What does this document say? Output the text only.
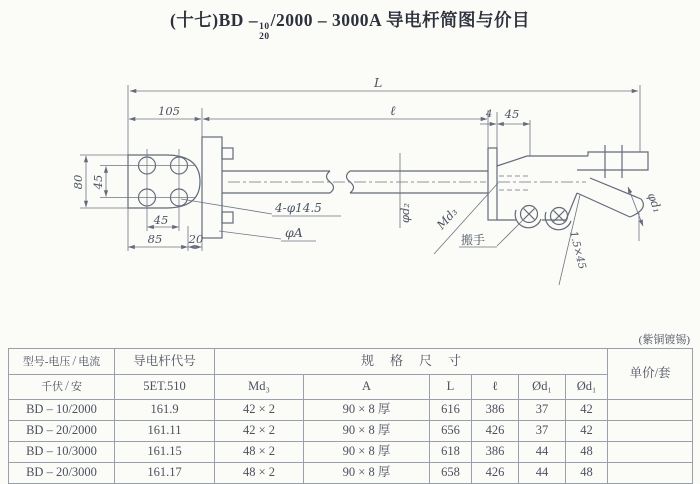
(十七)BD – 10
20
/2000 – 3000A 导电杆简图与价目
L
105	ℓ	4 45
80 45
45
85 20
4-φ14.5
φA
φd₂ Md₃
搬手	1.5×45
φd₁
(紫铜镀锡)
型号-电压 / 电流	导电杆代号	规格尺寸						单价/套
千伏 / 安	5ET.510	Md₃	A	L	ℓ	Ød₁	Ød₁	
BD – 10/2000	161.9	42 × 2	90 × 8 厚	616	386	37	42	
BD – 20/2000	161.11	42 × 2	90 × 8 厚	656	426	37	42	
BD – 10/3000	161.15	48 × 2	90 × 8 厚	618	386	44	48	
BD – 20/3000	161.17	48 × 2	90 × 8 厚	658	426	44	48	
